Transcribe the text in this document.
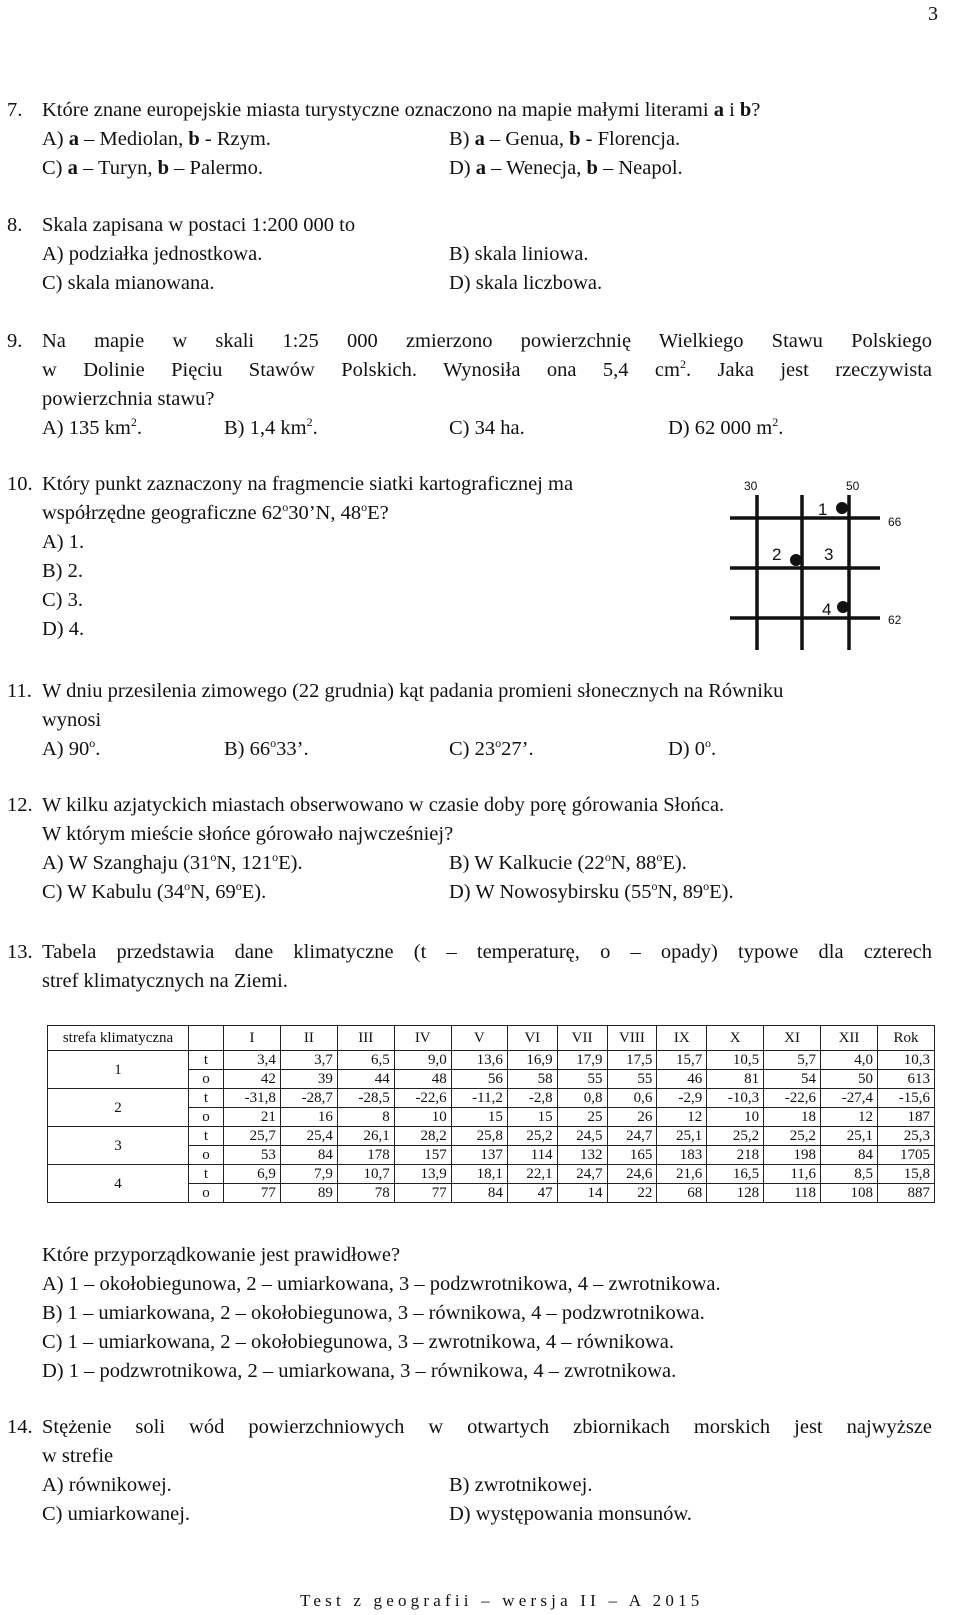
3
7. Które znane europejskie miasta turystyczne oznaczono na mapie małymi literami a i b?
A) a – Mediolan, b - Rzym.	B) a – Genua, b - Florencja.
C) a – Turyn, b – Palermo.	D) a – Wenecja, b – Neapol.
8. Skala zapisana w postaci 1:200 000 to
A) podziałka jednostkowa.	B) skala liniowa.
C) skala mianowana.	D) skala liczbowa.
9. Na mapie w skali 1:25 000 zmierzono powierzchnię Wielkiego Stawu Polskiego
w Dolinie Pięciu Stawów Polskich. Wynosiła ona 5,4 $cm^2$. Jaka jest rzeczywista
powierzchnia stawu?
A) 135 $km^2$.	B) 1,4 $km^2$.	C) 34 ha.	D) 62 000 $m^2$.
10. Który punkt zaznaczony na fragmencie siatki kartograficznej ma
współrzędne geograficzne 62$^o$30’N, 48$^o$E?
A) 1.
B) 2.
C) 3.
D) 4.
30	50
66
62
1
2	3
4
11. W dniu przesilenia zimowego (22 grudnia) kąt padania promieni słonecznych na Równiku
wynosi
A) 90$^o$.	B) 66$^o$33’.	C) 23$^o$27’.	D) 0$^o$.
12. W kilku azjatyckich miastach obserwowano w czasie doby porę górowania Słońca.
W którym mieście słońce górowało najwcześniej?
A) W Szanghaju (31$^o$N, 121$^o$E).	B) W Kalkucie (22$^o$N, 88$^o$E).
C) W Kabulu (34$^o$N, 69$^o$E).	D) W Nowosybirsku (55$^o$N, 89$^o$E).
13. Tabela przedstawia dane klimatyczne (t – temperaturę, o – opady) typowe dla czterech
stref klimatycznych na Ziemi.
strefa klimatyczna		I	II	III	IV	V	VI	VII	VIII	IX	X	XI	XII	Rok
1	t	3,4	3,7	6,5	9,0	13,6	16,9	17,9	17,5	15,7	10,5	5,7	4,0	10,3
	o	42	39	44	48	56	58	55	55	46	81	54	50	613
2	t	-31,8	-28,7	-28,5	-22,6	-11,2	-2,8	0,8	0,6	-2,9	-10,3	-22,6	-27,4	-15,6
	o	21	16	8	10	15	15	25	26	12	10	18	12	187
3	t	25,7	25,4	26,1	28,2	25,8	25,2	24,5	24,7	25,1	25,2	25,2	25,1	25,3
	o	53	84	178	157	137	114	132	165	183	218	198	84	1705
4	t	6,9	7,9	10,7	13,9	18,1	22,1	24,7	24,6	21,6	16,5	11,6	8,5	15,8
	o	77	89	78	77	84	47	14	22	68	128	118	108	887
Które przyporządkowanie jest prawidłowe?
A) 1 – okołobiegunowa, 2 – umiarkowana, 3 – podzwrotnikowa, 4 – zwrotnikowa.
B) 1 – umiarkowana, 2 – okołobiegunowa, 3 – równikowa, 4 – podzwrotnikowa.
C) 1 – umiarkowana, 2 – okołobiegunowa, 3 – zwrotnikowa, 4 – równikowa.
D) 1 – podzwrotnikowa, 2 – umiarkowana, 3 – równikowa, 4 – zwrotnikowa.
14. Stężenie soli wód powierzchniowych w otwartych zbiornikach morskich jest najwyższe
w strefie
A) równikowej.	B) zwrotnikowej.
C) umiarkowanej.	D) występowania monsunów.
Test z geografii – wersja II – A 2015
